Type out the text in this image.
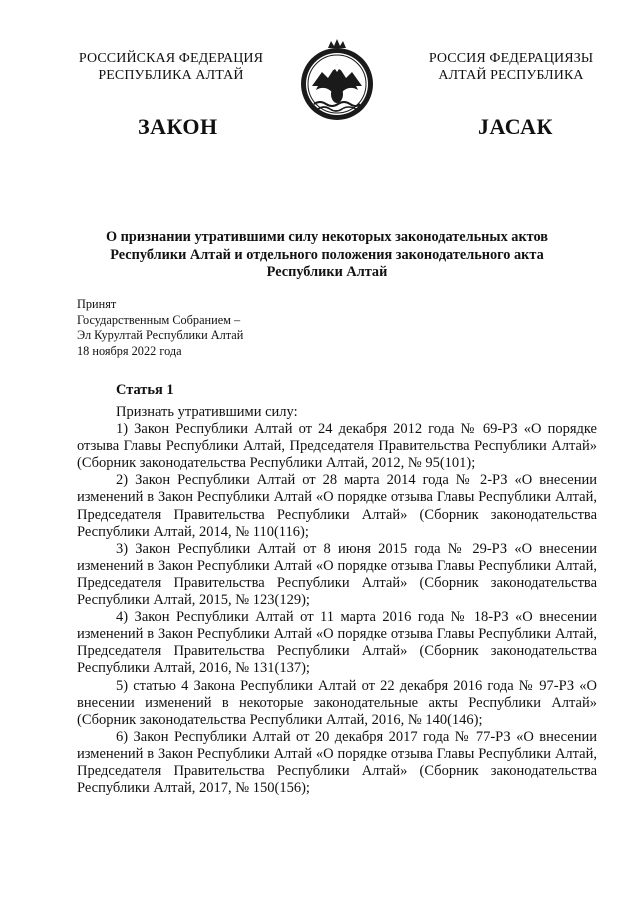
РОССИЙСКАЯ ФЕДЕРАЦИЯ
РЕСПУБЛИКА АЛТАЙ
РОССИЯ ФЕДЕРАЦИЯЗЫ
АЛТАЙ РЕСПУБЛИКА
ЗАКОН	JАСАК
О признании утратившими силу некоторых законодательных актов
Республики Алтай и отдельного положения законодательного акта
Республики Алтай
Принят
Государственным Собранием –
Эл Курултай Республики Алтай
18 ноября 2022 года
Статья 1

Признать утратившими силу:

1) Закон Республики Алтай от 24 декабря 2012 года № 69-РЗ «О порядке отзыва Главы Республики Алтай, Председателя Правительства Республики Алтай» (Сборник законодательства Республики Алтай, 2012, № 95(101);

2) Закон Республики Алтай от 28 марта 2014 года № 2-РЗ «О внесении изменений в Закон Республики Алтай «О порядке отзыва Главы Республики Алтай, Председателя Правительства Республики Алтай» (Сборник законодательства Республики Алтай, 2014, № 110(116);

3) Закон Республики Алтай от 8 июня 2015 года № 29-РЗ «О внесении изменений в Закон Республики Алтай «О порядке отзыва Главы Республики Алтай, Председателя Правительства Республики Алтай» (Сборник законодательства Республики Алтай, 2015, № 123(129);

4) Закон Республики Алтай от 11 марта 2016 года № 18-РЗ «О внесении изменений в Закон Республики Алтай «О порядке отзыва Главы Республики Алтай, Председателя Правительства Республики Алтай» (Сборник законодательства Республики Алтай, 2016, № 131(137);

5) статью 4 Закона Республики Алтай от 22 декабря 2016 года № 97-РЗ «О внесении изменений в некоторые законодательные акты Республики Алтай» (Сборник законодательства Республики Алтай, 2016, № 140(146);

6) Закон Республики Алтай от 20 декабря 2017 года № 77-РЗ «О внесении изменений в Закон Республики Алтай «О порядке отзыва Главы Республики Алтай, Председателя Правительства Республики Алтай» (Сборник законодательства Республики Алтай, 2017, № 150(156);
